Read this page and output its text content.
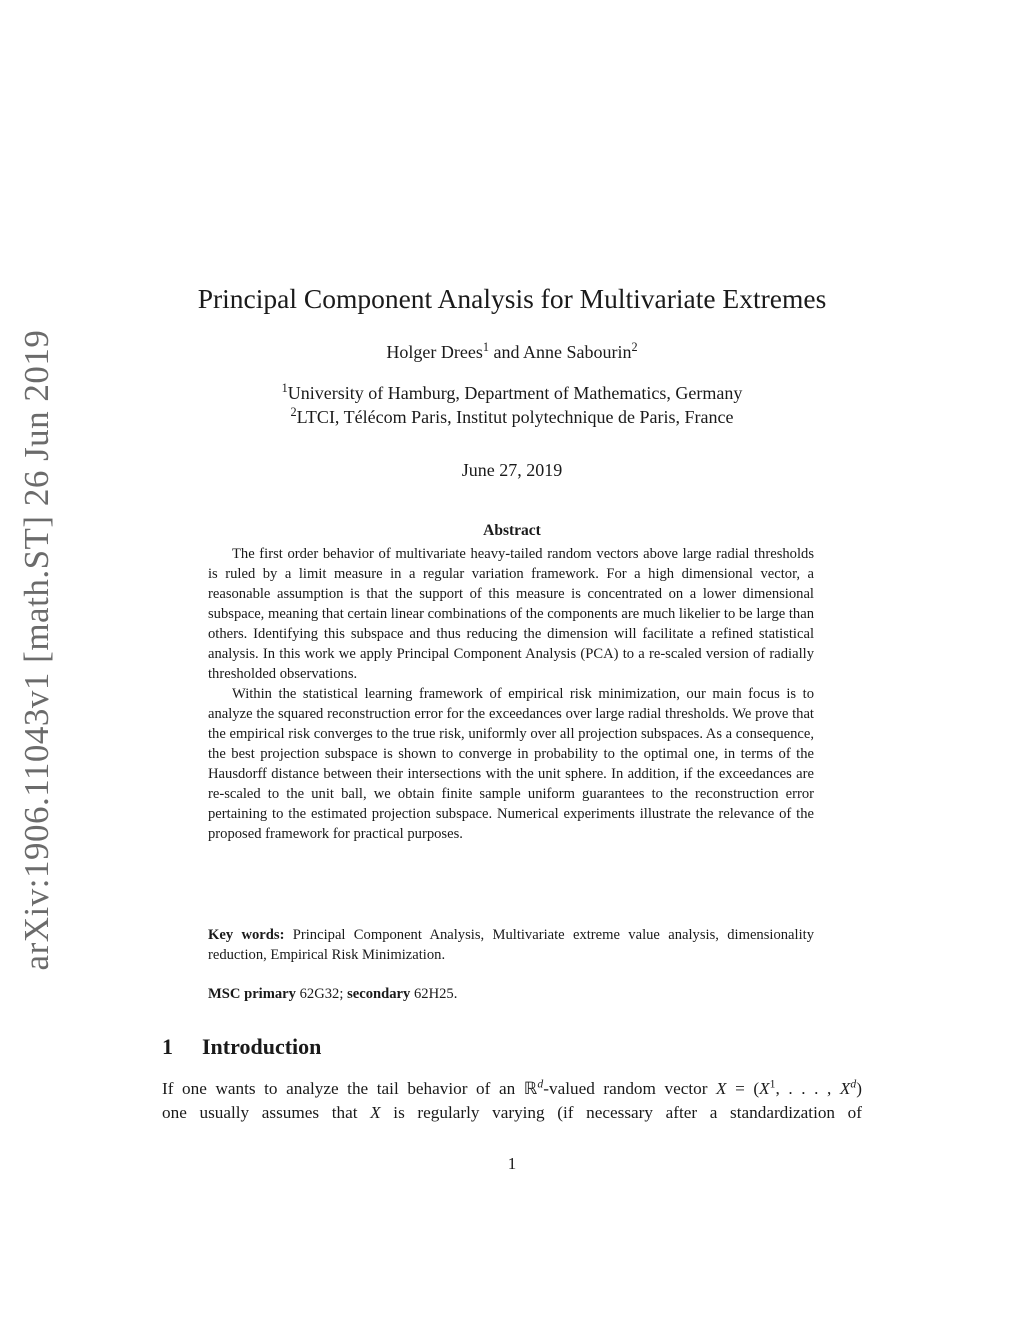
arXiv:1906.11043v1 [math.ST] 26 Jun 2019
Principal Component Analysis for Multivariate Extremes
Holger Drees$^1$ and Anne Sabourin$^2$
$^1$University of Hamburg, Department of Mathematics, Germany
$^2$LTCI, Télécom Paris, Institut polytechnique de Paris, France
June 27, 2019
Abstract

The first order behavior of multivariate heavy-tailed random vectors above large radial thresholds is ruled by a limit measure in a regular variation framework. For a high dimensional vector, a reasonable assumption is that the support of this measure is concentrated on a lower dimensional subspace, meaning that certain linear combinations of the components are much likelier to be large than others. Identifying this subspace and thus reducing the dimension will facilitate a refined statistical analysis. In this work we apply Principal Component Analysis (PCA) to a re-scaled version of radially thresholded observations.

Within the statistical learning framework of empirical risk minimization, our main focus is to analyze the squared reconstruction error for the exceedances over large radial thresholds. We prove that the empirical risk converges to the true risk, uniformly over all projection subspaces. As a consequence, the best projection subspace is shown to converge in probability to the optimal one, in terms of the Hausdorff distance between their intersections with the unit sphere. In addition, if the exceedances are re-scaled to the unit ball, we obtain finite sample uniform guarantees to the reconstruction error pertaining to the estimated projection subspace. Numerical experiments illustrate the relevance of the proposed framework for practical purposes.

Key words: Principal Component Analysis, Multivariate extreme value analysis, dimensionality reduction, Empirical Risk Minimization.
MSC primary 62G32; secondary 62H25.
1 Introduction
If one wants to analyze the tail behavior of an ℝ$^d$-valued random vector $X = (X^1$, . . . , $X^d$)
one usually assumes that X is regularly varying (if necessary after a standardization of
1
